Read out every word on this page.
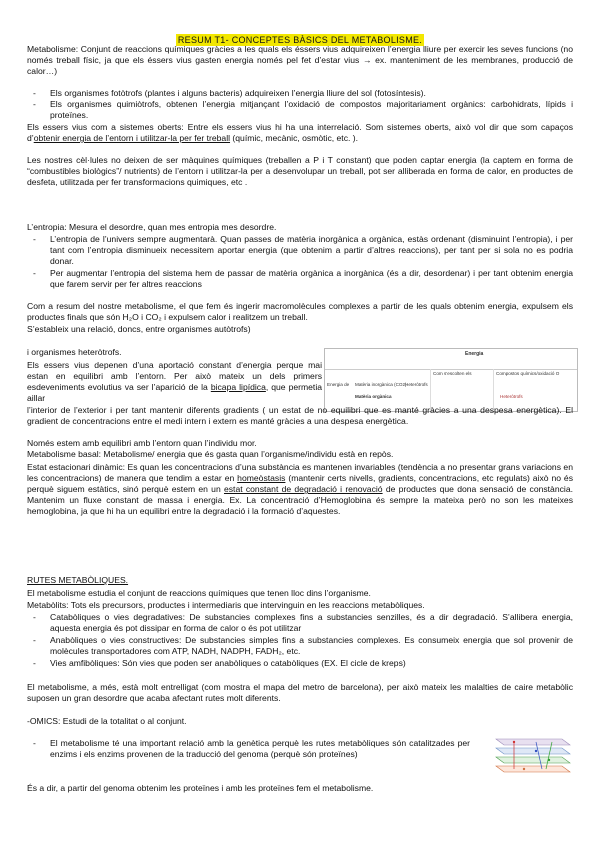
RESUM T1- CONCEPTES BÀSICS DEL METABOLISME.
Metabolisme: Conjunt de reaccions químiques gràcies a les quals els éssers vius adquireixen l’energia lliure per exercir les seves funcions (no només treball físic, ja que els éssers vius gasten energia només pel fet d’estar vius → ex. manteniment de les membranes, producció de calor…)
- Els organismes fotòtrofs (plantes i alguns bacteris) adquireixen l’energia lliure del sol (fotosíntesis).
- Els organismes quimiòtrofs, obtenen l’energia mitjançant l’oxidació de compostos majoritariament orgànics: carbohidrats, lípids i proteïnes.
Els essers vius com a sistemes oberts: Entre els essers vius hi ha una interrelació. Som sistemes oberts, això vol dir que som capaços d’obtenir energia de l’entorn i utilitzar-la per fer treball (químic, mecànic, osmòtic, etc. ).
Les nostres cèl·lules no deixen de ser màquines químiques (treballen a P i T constant) que poden captar energia (la captem en forma de “combustibles biològics”/ nutrients) de l’entorn i utilitzar-la per a desenvolupar un treball, pot ser alliberada en forma de calor, en productes de desfeta, utilitzada per fer transformacions quimiques, etc .
L’entropia: Mesura el desordre, quan mes entropia mes desordre.
- L’entropia de l’univers sempre augmentarà. Quan passes de matèria inorgànica a orgànica, estàs ordenant (disminuint l’entropia), i per tant com l’entropia disminueix necessitem aportar energia (que obtenim a partir d’altres reaccions), per tant per si sola no es podria donar.
- Per augmentar l’entropia del sistema hem de passar de matèria orgànica a inorgànica (és a dir, desordenar) i per tant obtenim energia que farem servir per fer altres reaccions
Com a resum del nostre metabolisme, el que fem és ingerir macromolècules complexes a partir de les quals obtenim energia, expulsem els productes finals que són H₂O i CO₂ i expulsem calor i realitzem un treball.
S’estableix una relació, doncs, entre organismes autòtrofs)
i organismes heteròtrofs.
Els essers vius depenen d’una aportació constant d’energia perque mai estan en equilibri amb l’entorn. Per això mateix un dels primers esdeveniments evolutius va ser l’aparició de la bicapa lipídica, que permetia aillar
Energia
Com s’escolten els	Compostos químics/oxidació O
Energia de Matèria inorgànica (CO2)
Heteròtrofs
Matèria orgànica	Heteròtrofs
l’interior de l’exterior i per tant mantenir diferents gradients ( un estat de no equilibri que es manté gràcies a una despesa energètica). El gradient de concentracions entre el medi intern i extern es manté gràcies a una despesa energètica.
Només estem amb equilibri amb l’entorn quan l’individu mor.
Metabolisme basal: Metabolisme/ energia que és gasta quan l’organisme/individu està en repòs.
Estat estacionari dinàmic: Es quan les concentracions d’una substància es mantenen invariables (tendència a no presentar grans variacions en les concentracions) de manera que tendim a estar en homeòstasis (mantenir certs nivells, gradients, concentracions, etc regulats) això no és perquè siguem estàtics, sinó perquè estem en un estat constant de degradació i renovació de productes que dona sensació de constància. Mantenim un fluxe constant de massa i energia. Ex. La concentració d’Hemoglobina és sempre la mateixa però no son les mateixes hemoglobina, ja que hi ha un equilibri entre la degradació i la formació d’aquestes.
RUTES METABÒLIQUES.
El metabolisme estudia el conjunt de reaccions químiques que tenen lloc dins l’organisme.
Metabòlits: Tots els precursors, productes i intermediaris que intervinguin en les reaccions metabòliques.
- Catabòliques o vies degradatives: De substancies complexes fins a substancies senzilles, és a dir degradació. S’allibera energia, aquesta energia és pot dissipar en forma de calor o és pot utilitzar
- Anabòliques o vies constructives: De substancies simples fins a substancies complexes. Es consumeix energia que sol provenir de molècules transportadores com ATP, NADH, NADPH, FADH₂, etc.
- Vies amfibòliques: Són vies que poden ser anabòliques o catabòliques (EX. El cicle de kreps)
El metabolisme, a més, està molt entrelligat (com mostra el mapa del metro de barcelona), per això mateix les malalties de caire metabòlic suposen un gran desordre que acaba afectant rutes molt diferents.
-OMICS: Estudi de la totalitat o al conjunt.
- El metabolisme té una important relació amb la genètica perquè les rutes metabòliques són catalitzades per enzims i els enzims provenen de la traducció del genoma (perquè són proteïnes)
És a dir, a partir del genoma obtenim les proteïnes i amb les proteïnes fem el metabolisme.
